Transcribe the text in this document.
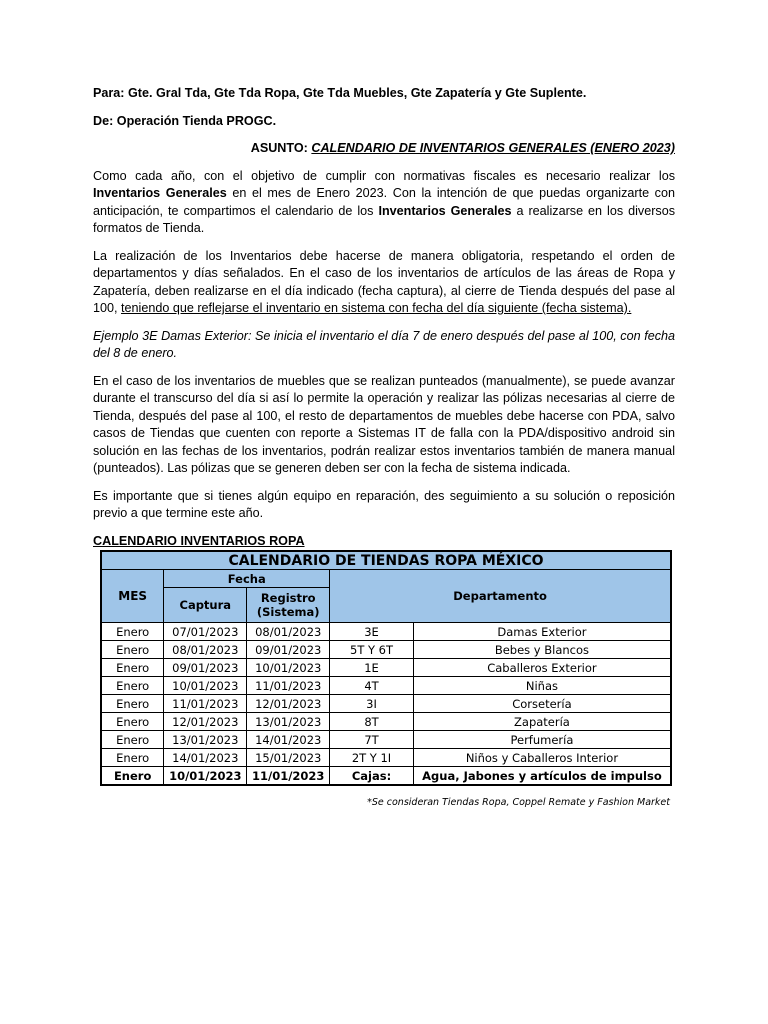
Para: Gte. Gral Tda, Gte Tda Ropa, Gte Tda Muebles, Gte Zapatería y Gte Suplente.

De: Operación Tienda PROGC.

ASUNTO: CALENDARIO DE INVENTARIOS GENERALES (ENERO 2023)

Como cada año, con el objetivo de cumplir con normativas fiscales es necesario realizar los Inventarios Generales en el mes de Enero 2023. Con la intención de que puedas organizarte con anticipación, te compartimos el calendario de los Inventarios Generales a realizarse en los diversos formatos de Tienda.

La realización de los Inventarios debe hacerse de manera obligatoria, respetando el orden de departamentos y días señalados. En el caso de los inventarios de artículos de las áreas de Ropa y Zapatería, deben realizarse en el día indicado (fecha captura), al cierre de Tienda después del pase al 100, teniendo que reflejarse el inventario en sistema con fecha del día siguiente (fecha sistema).

Ejemplo 3E Damas Exterior: Se inicia el inventario el día 7 de enero después del pase al 100, con fecha del 8 de enero.

En el caso de los inventarios de muebles que se realizan punteados (manualmente), se puede avanzar durante el transcurso del día si así lo permite la operación y realizar las pólizas necesarias al cierre de Tienda, después del pase al 100, el resto de departamentos de muebles debe hacerse con PDA, salvo casos de Tiendas que cuenten con reporte a Sistemas IT de falla con la PDA/dispositivo android sin solución en las fechas de los inventarios, podrán realizar estos inventarios también de manera manual (punteados). Las pólizas que se generen deben ser con la fecha de sistema indicada.

Es importante que si tienes algún equipo en reparación, des seguimiento a su solución o reposición previo a que termine este año.

CALENDARIO INVENTARIOS ROPA

CALENDARIO DE TIENDAS ROPA MÉXICO				
MES	Fecha		Departamento	
	Captura	Registro
(Sistema)		
Enero	07/01/2023	08/01/2023	3E	Damas Exterior
Enero	08/01/2023	09/01/2023	5T Y 6T	Bebes y Blancos
Enero	09/01/2023	10/01/2023	1E	Caballeros Exterior
Enero	10/01/2023	11/01/2023	4T	Niñas
Enero	11/01/2023	12/01/2023	3I	Corsetería
Enero	12/01/2023	13/01/2023	8T	Zapatería
Enero	13/01/2023	14/01/2023	7T	Perfumería
Enero	14/01/2023	15/01/2023	2T Y 1I	Niños y Caballeros Interior
Enero	10/01/2023	11/01/2023	Cajas:	Agua, Jabones y artículos de impulso
*Se consideran Tiendas Ropa, Coppel Remate y Fashion Market
